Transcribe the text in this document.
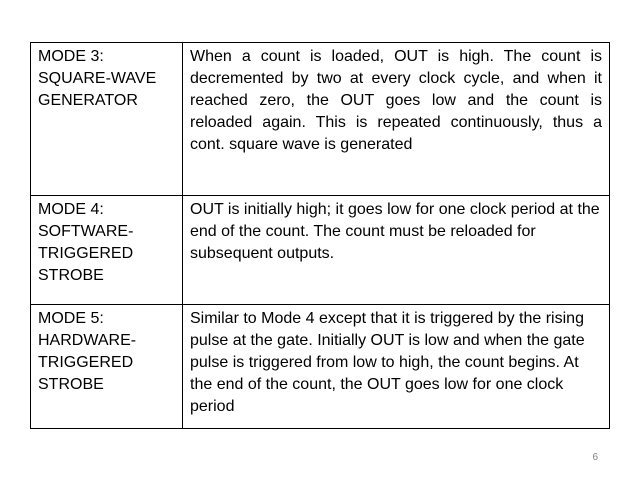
MODE 3: SQUARE-WAVE GENERATOR	When a count is loaded, OUT is high. The count is decremented by two at every clock cycle, and when it reached zero, the OUT goes low and the count is reloaded again. This is repeated continuously, thus a cont. square wave is generated
MODE 4: SOFTWARE-TRIGGERED STROBE	OUT is initially high; it goes low for one clock period at the end of the count. The count must be reloaded for subsequent outputs.
MODE 5: HARDWARE-TRIGGERED STROBE	Similar to Mode 4 except that it is triggered by the rising pulse at the gate. Initially OUT is low and when the gate pulse is triggered from low to high, the count begins. At the end of the count, the OUT goes low for one clock period
6
